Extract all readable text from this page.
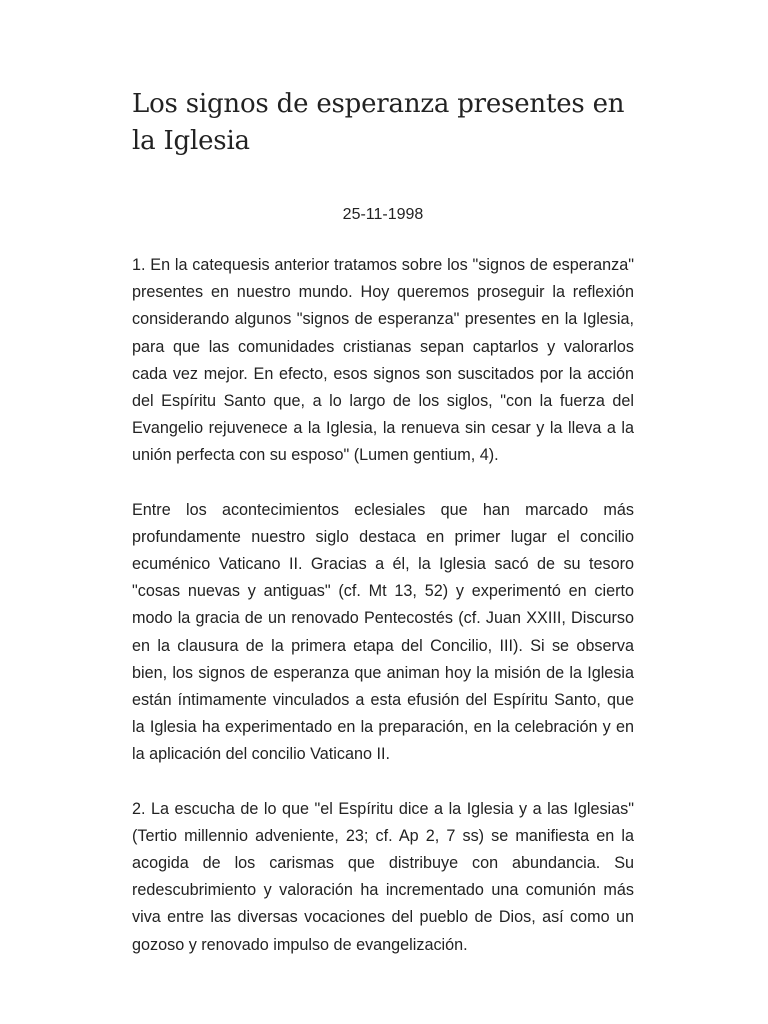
Los signos de esperanza presentes en la Iglesia
25-11-1998

1. En la catequesis anterior tratamos sobre los "signos de esperanza" presentes en nuestro mundo. Hoy queremos proseguir la reflexión considerando algunos "signos de esperanza" presentes en la Iglesia, para que las comunidades cristianas sepan captarlos y valorarlos cada vez mejor. En efecto, esos signos son suscitados por la acción del Espíritu Santo que, a lo largo de los siglos, "con la fuerza del Evangelio rejuvenece a la Iglesia, la renueva sin cesar y la lleva a la unión perfecta con su esposo" (Lumen gentium, 4).

Entre los acontecimientos eclesiales que han marcado más profundamente nuestro siglo destaca en primer lugar el concilio ecuménico Vaticano II. Gracias a él, la Iglesia sacó de su tesoro "cosas nuevas y antiguas" (cf. Mt 13, 52) y experimentó en cierto modo la gracia de un renovado Pentecostés (cf. Juan XXIII, Discurso en la clausura de la primera etapa del Concilio, III). Si se observa bien, los signos de esperanza que animan hoy la misión de la Iglesia están íntimamente vinculados a esta efusión del Espíritu Santo, que la Iglesia ha experimentado en la preparación, en la celebración y en la aplicación del concilio Vaticano II.

2. La escucha de lo que "el Espíritu dice a la Iglesia y a las Iglesias" (Tertio millennio adveniente, 23; cf. Ap 2, 7 ss) se manifiesta en la acogida de los carismas que distribuye con abundancia. Su redescubrimiento y valoración ha incrementado una comunión más viva entre las diversas vocaciones del pueblo de Dios, así como un gozoso y renovado impulso de evangelización.
